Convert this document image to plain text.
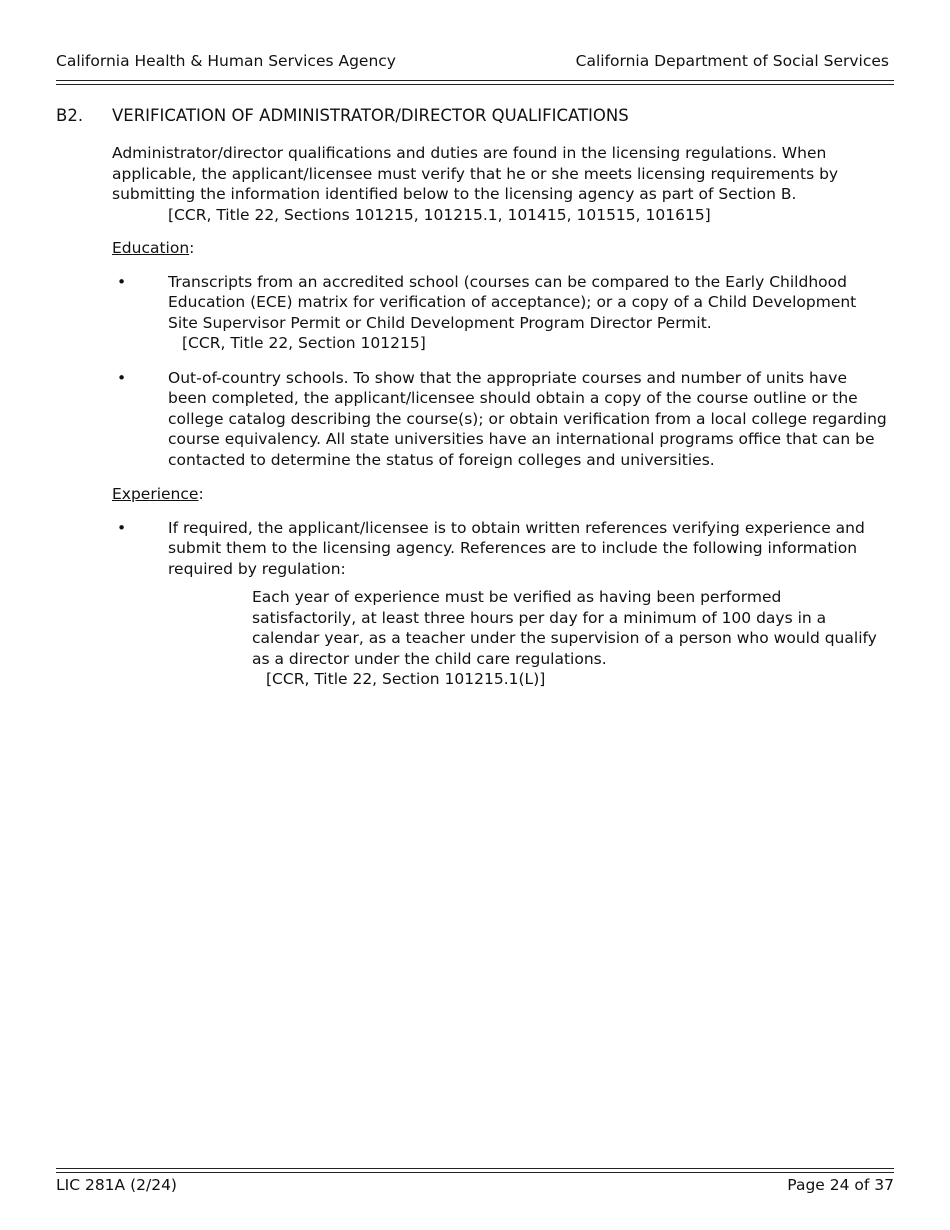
California Health & Human Services Agency	California Department of Social Services
B2. VERIFICATION OF ADMINISTRATOR/DIRECTOR QUALIFICATIONS

Administrator/director qualifications and duties are found in the licensing regulations. When applicable, the applicant/licensee must verify that he or she meets licensing requirements by submitting the information identified below to the licensing agency as part of Section B.

[CCR, Title 22, Sections 101215, 101215.1, 101415, 101515, 101615]

Education:
•	Transcripts from an accredited school (courses can be compared to the Early Childhood Education (ECE) matrix for verification of acceptance); or a copy of a Child Development Site Supervisor Permit or Child Development Program Director Permit.
[CCR, Title 22, Section 101215]
•	Out-of-country schools. To show that the appropriate courses and number of units have been completed, the applicant/licensee should obtain a copy of the course outline or the college catalog describing the course(s); or obtain verification from a local college regarding course equivalency. All state universities have an international programs office that can be contacted to determine the status of foreign colleges and universities.
Experience:
•	If required, the applicant/licensee is to obtain written references verifying experience and submit them to the licensing agency. References are to include the following information required by regulation:
Each year of experience must be verified as having been performed satisfactorily, at least three hours per day for a minimum of 100 days in a calendar year, as a teacher under the supervision of a person who would qualify as a director under the child care regulations.
[CCR, Title 22, Section 101215.1(L)]
LIC 281A (2/24)	Page 24 of 37
